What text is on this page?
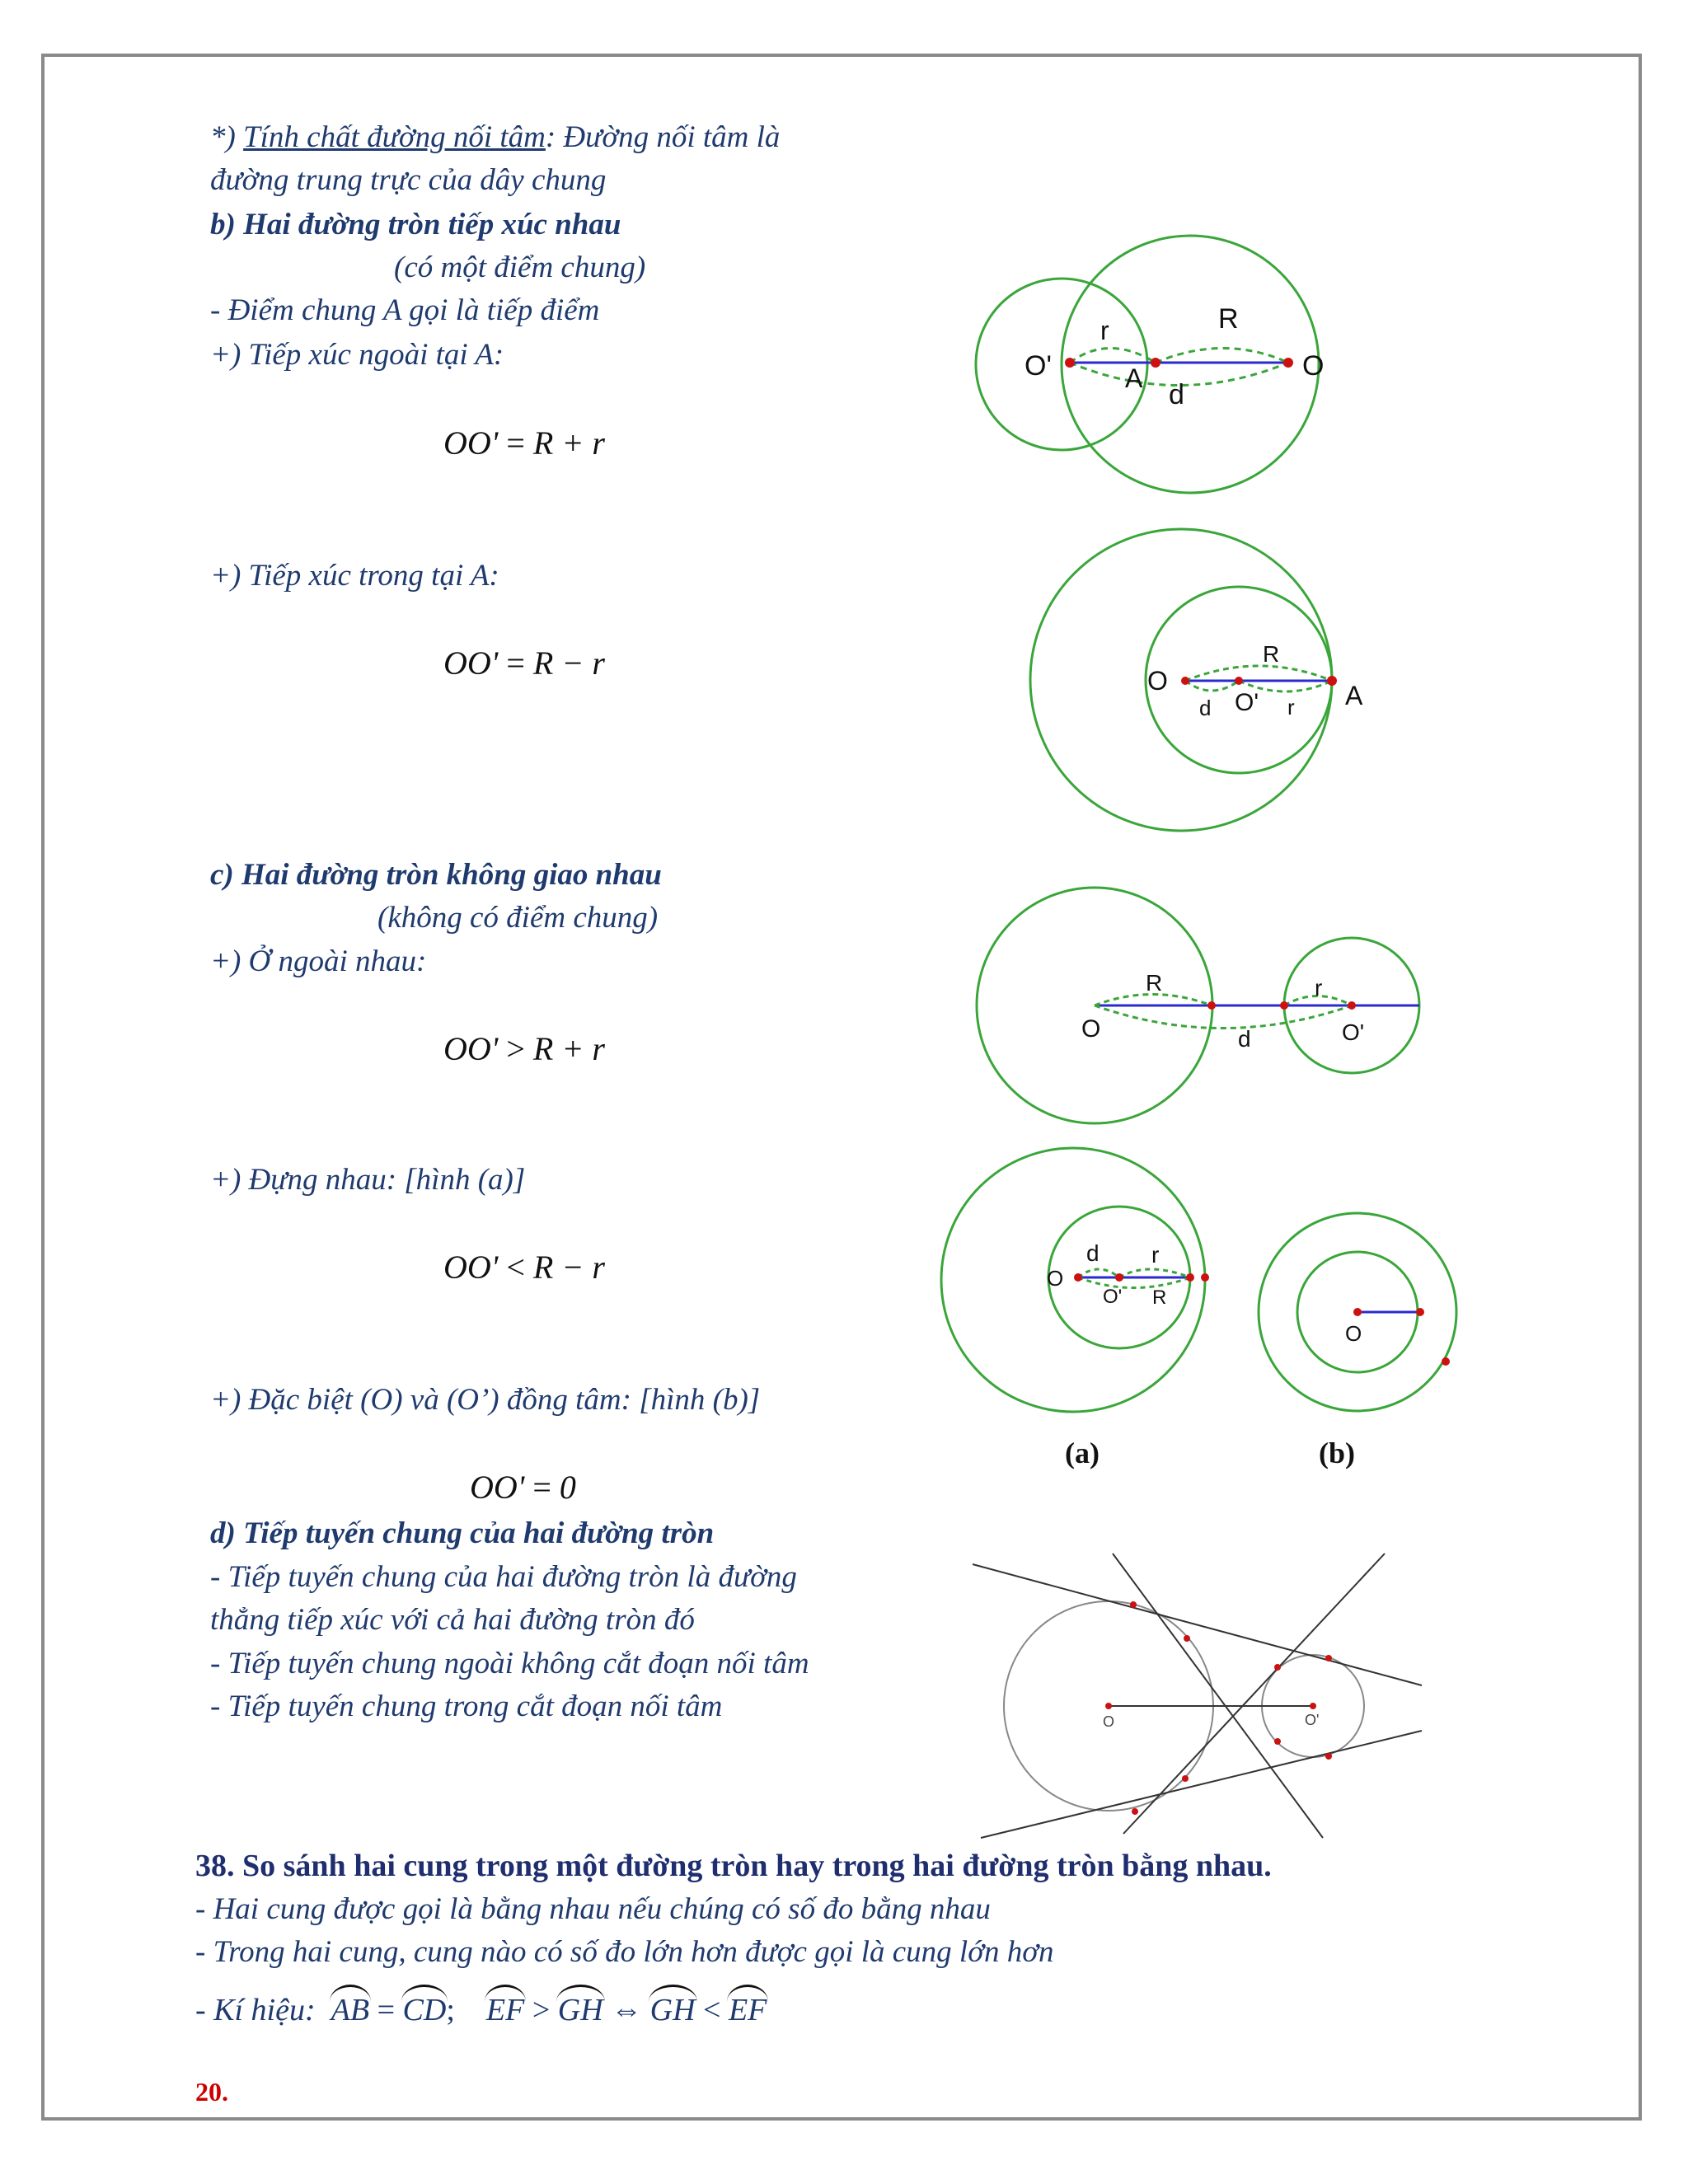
*) Tính chất đường nối tâm: Đường nối tâm là
đường trung trực của dây chung
b) Hai đường tròn tiếp xúc nhau
(có một điểm chung)
- Điểm chung A gọi là tiếp điểm
+) Tiếp xúc ngoài tại A:
OO' = R + r
+) Tiếp xúc trong tại A:
OO' = R − r
c) Hai đường tròn không giao nhau
(không có điểm chung)
+) Ở ngoài nhau:
OO' > R + r
+) Đựng nhau: [hình (a)]
OO' < R − r
+) Đặc biệt (O) và (O’) đồng tâm: [hình (b)]
OO' = 0
d) Tiếp tuyến chung của hai đường tròn
- Tiếp tuyến chung của hai đường tròn là đường
thẳng tiếp xúc với cả hai đường tròn đó
- Tiếp tuyến chung ngoài không cắt đoạn nối tâm
- Tiếp tuyến chung trong cắt đoạn nối tâm
38. So sánh hai cung trong một đường tròn hay trong hai đường tròn bằng nhau.
- Hai cung được gọi là bằng nhau nếu chúng có số đo bằng nhau
- Trong hai cung, cung nào có số đo lớn hơn được gọi là cung lớn hơn
- Kí hiệu: AB = CD; EF > GH ⇔ GH < EF
20.
O'
r	R
A
d
O
R
O
O'	A
d	r
R	r
O	d	O'
d r
O
O' R
O
(a)	(b)
O	O'
